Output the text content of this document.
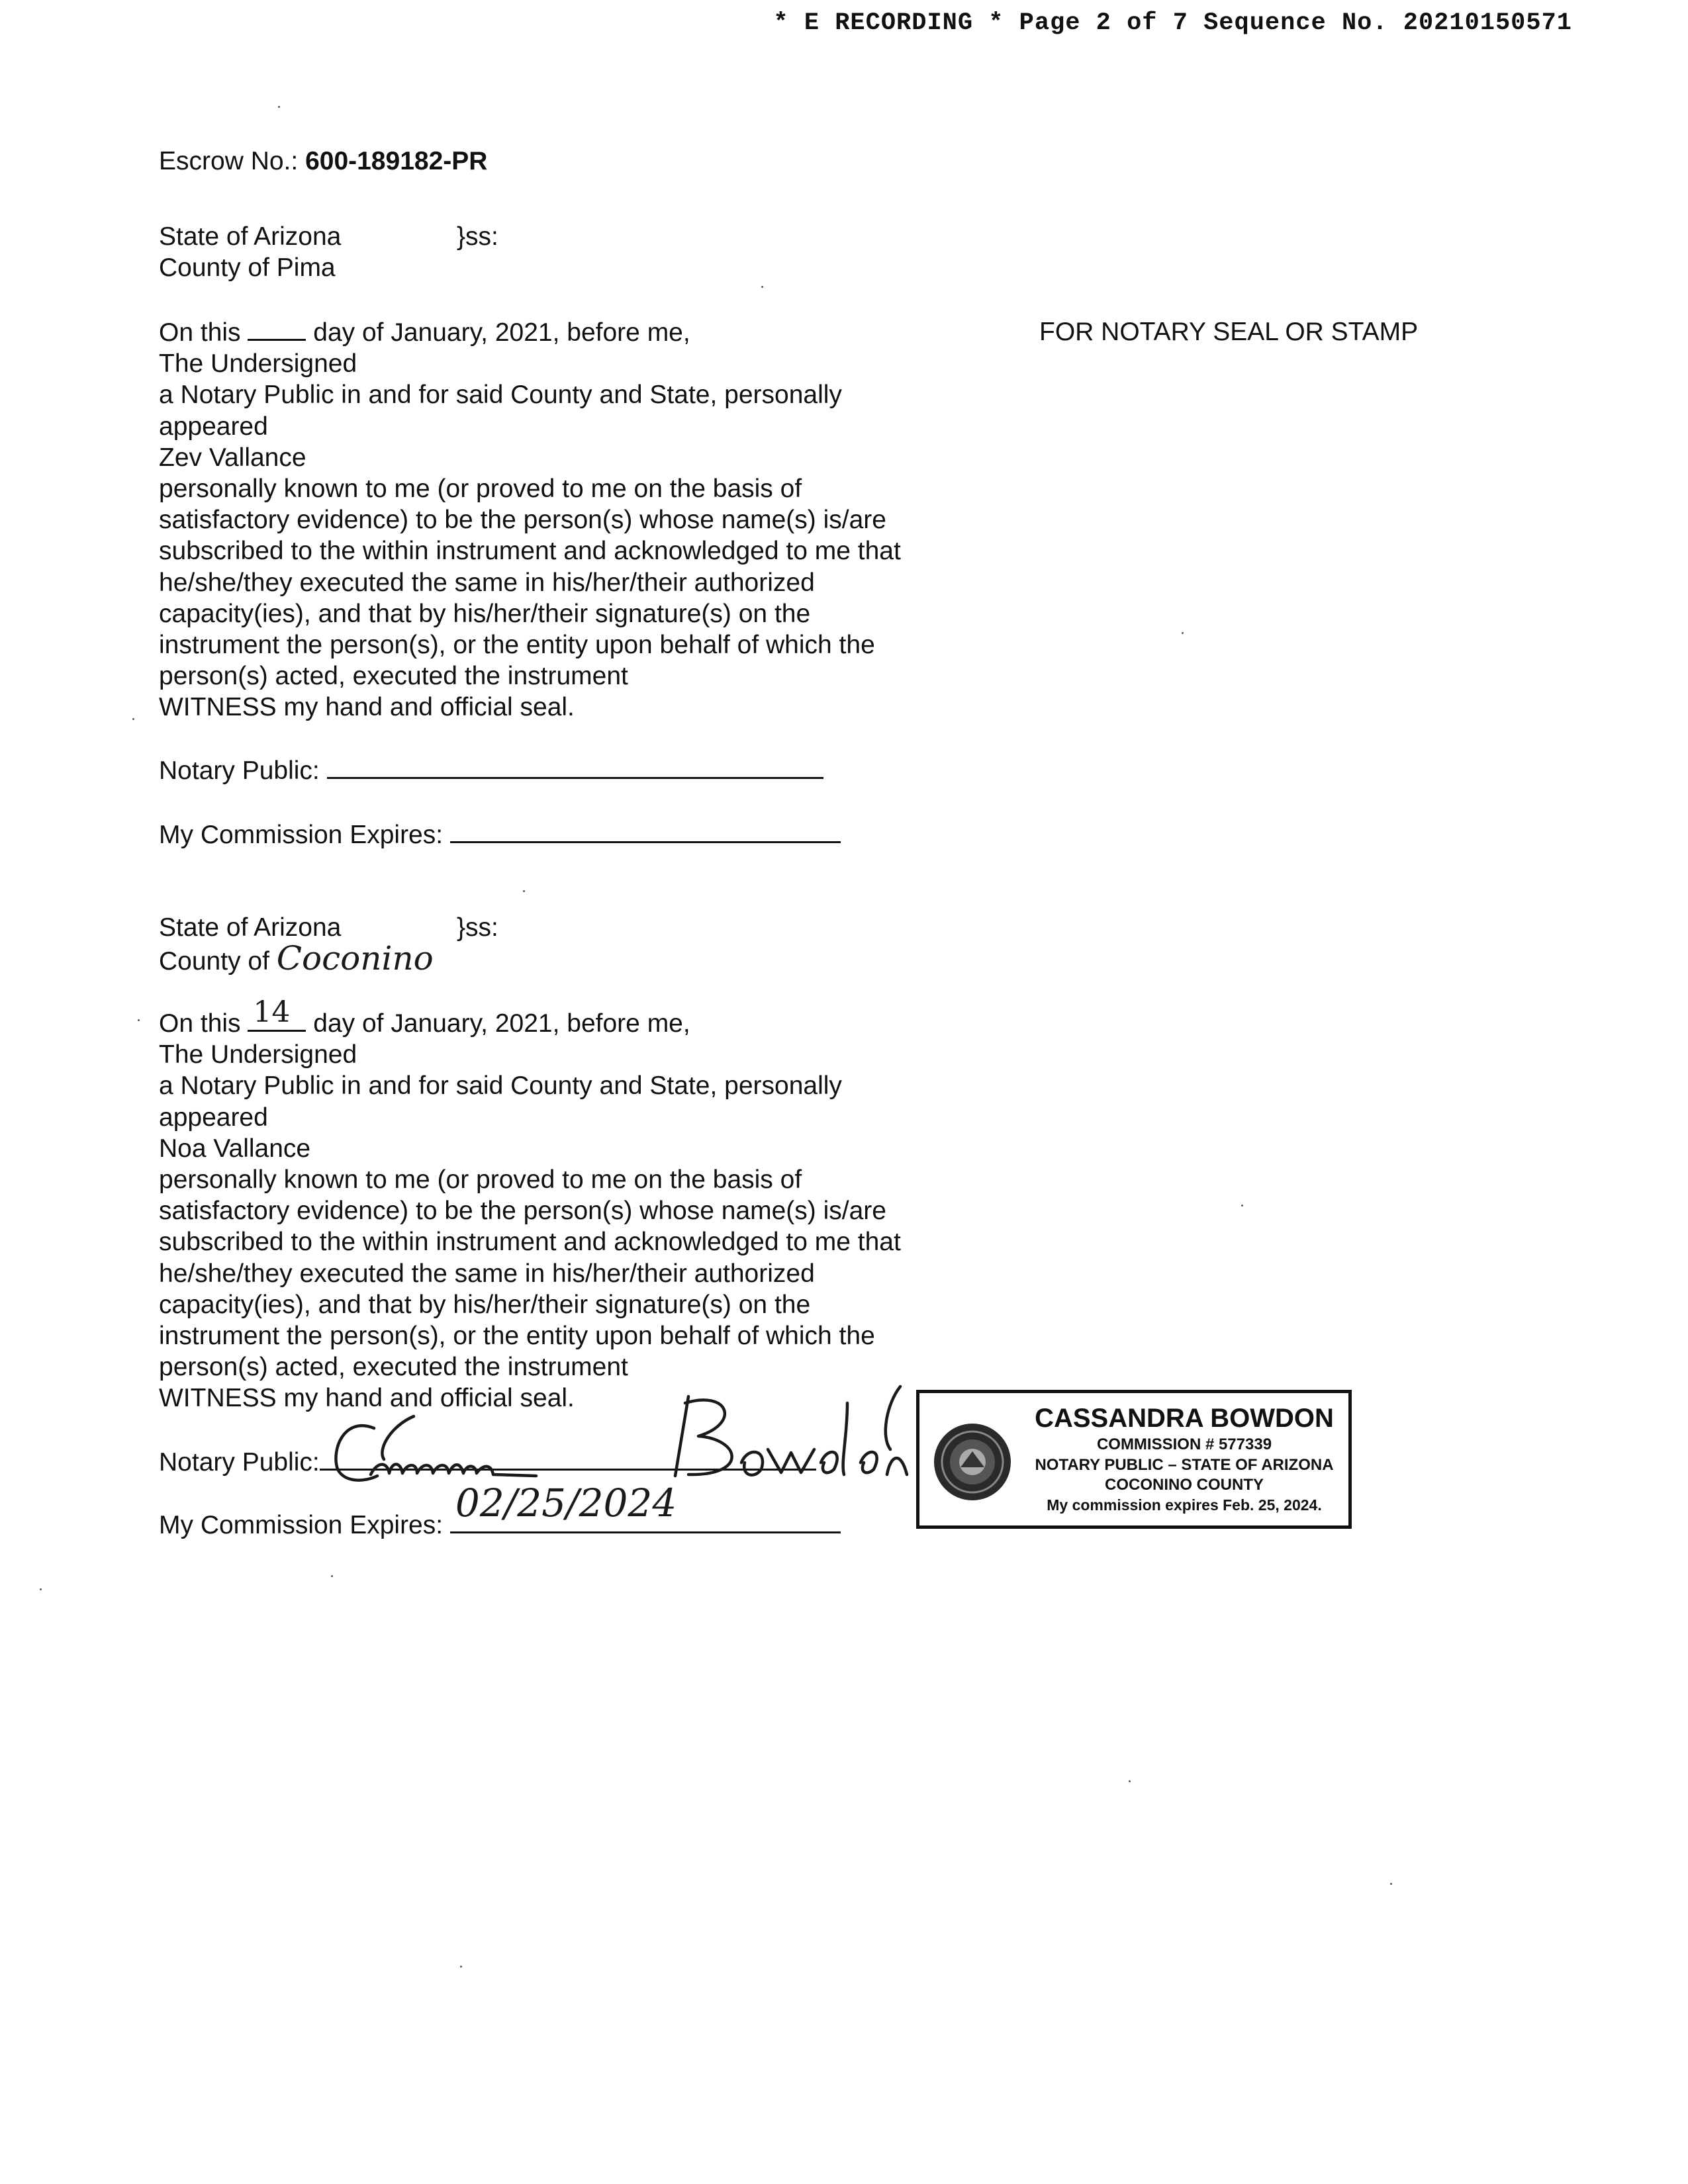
* E RECORDING * Page 2 of 7 Sequence No. 20210150571
Escrow No.: 600-189182-PR
State of Arizona	}ss:
County of Pima
On this	day of January, 2021, before me,
The Undersigned
a Notary Public in and for said County and State, personally
appeared
Zev Vallance
personally known to me (or proved to me on the basis of
satisfactory evidence) to be the person(s) whose name(s) is/are
subscribed to the within instrument and acknowledged to me that
he/she/they executed the same in his/her/their authorized
capacity(ies), and that by his/her/their signature(s) on the
instrument the person(s), or the entity upon behalf of which the
person(s) acted, executed the instrument
WITNESS my hand and official seal.
FOR NOTARY SEAL OR STAMP
Notary Public:
My Commission Expires:
State of Arizona	}ss:
County of Coconino
On this 14 day of January, 2021, before me,
The Undersigned
a Notary Public in and for said County and State, personally
appeared
Noa Vallance
personally known to me (or proved to me on the basis of
satisfactory evidence) to be the person(s) whose name(s) is/are
subscribed to the within instrument and acknowledged to me that
he/she/they executed the same in his/her/their authorized
capacity(ies), and that by his/her/their signature(s) on the
instrument the person(s), or the entity upon behalf of which the
person(s) acted, executed the instrument
WITNESS my hand and official seal.
Notary Public:
My Commission Expires: 02/25/2024
CASSANDRA BOWDON
COMMISSION # 577339
NOTARY PUBLIC – STATE OF ARIZONA
COCONINO COUNTY
My commission expires Feb. 25, 2024.
